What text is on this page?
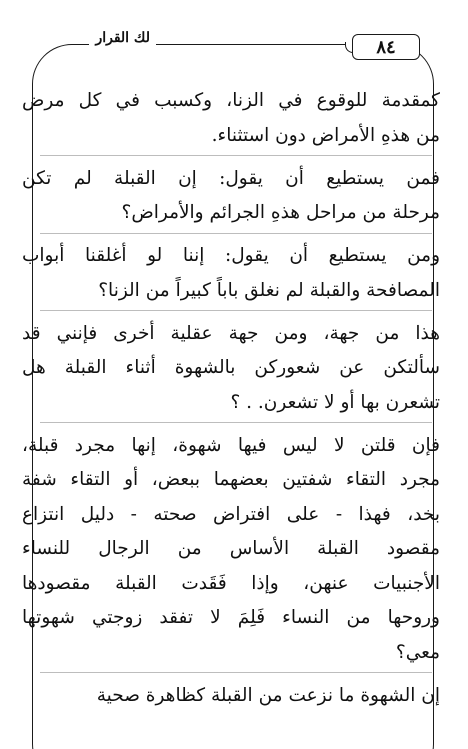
لك القرار	٨٤
كمقدمة للوقوع في الزنا، وكسبب في كل مرض
من هذهِ الأمراض دون استثناء.
فمن يستطيع أن يقول: إن القبلة لم تكن
مرحلة من مراحل هذهِ الجرائم والأمراض؟
ومن يستطيع أن يقول: إننا لو أغلقنا أبواب
المصافحة والقبلة لم نغلق باباً كبيراً من الزنا؟
هذا من جهة، ومن جهة عقلية أخرى فإنني قد
سألتكن عن شعوركن بالشهوة أثناء القبلة هل
تشعرن بها أو لا تشعرن. . ؟
فإن قلتن لا ليس فيها شهوة، إنها مجرد قبلة،
مجرد التقاء شفتين بعضهما ببعض، أو التقاء شفة
بخد، فهذا - على افتراض صحته - دليل انتزاع
مقصود القبلة الأساس من الرجال للنساء
الأجنبيات عنهن، وإذا فَقَدت القبلة مقصودها
وروحها من النساء فَلِمَ لا تفقد زوجتي شهوتها
معي؟
إن الشهوة ما نزعت من القبلة كظاهرة صحية
